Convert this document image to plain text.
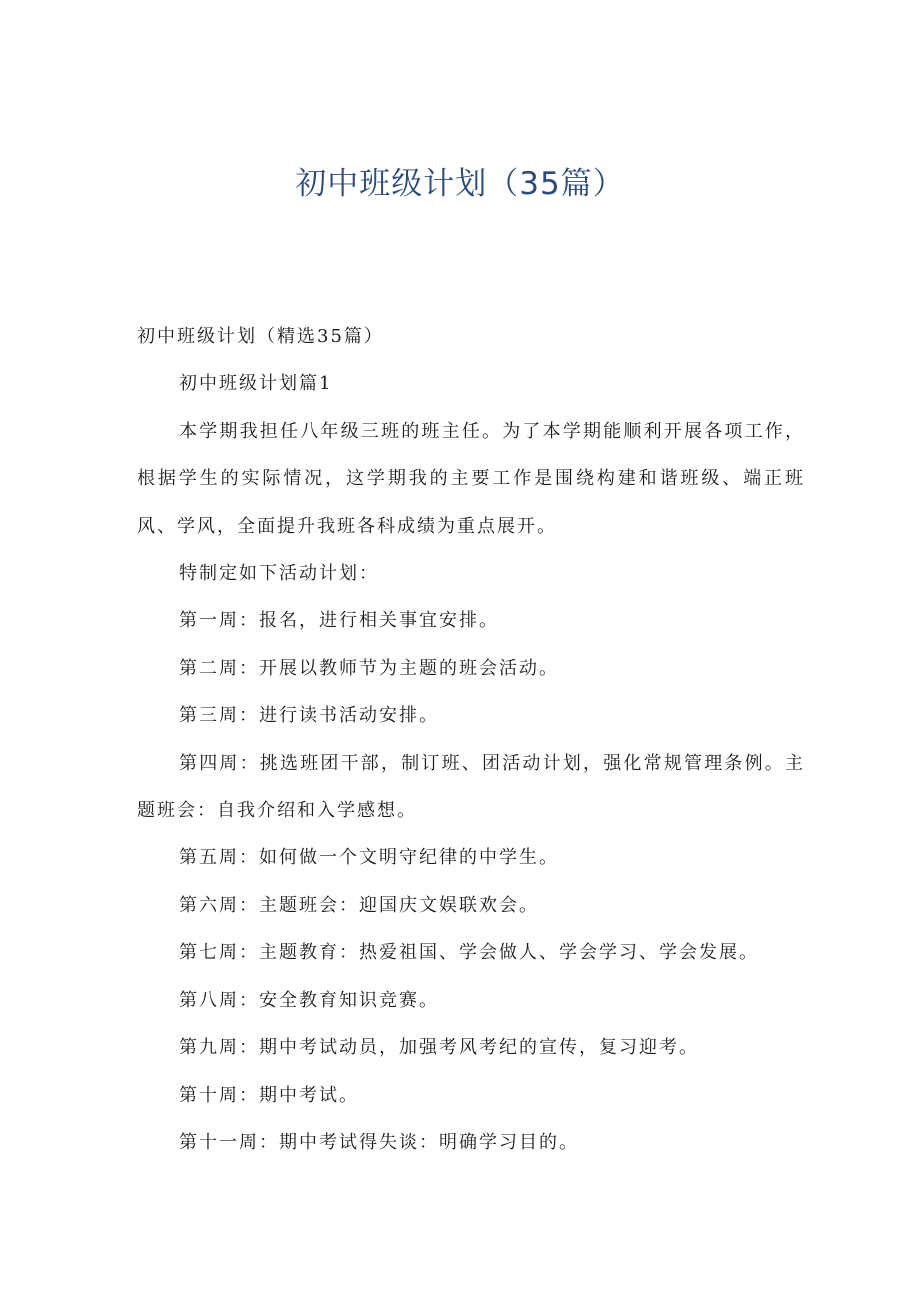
初中班级计划（35篇）

初中班级计划（精选35篇）

初中班级计划篇1

本学期我担任八年级三班的班主任。为了本学期能顺利开展各项工作，根据学生的实际情况，这学期我的主要工作是围绕构建和谐班级、端正班风、学风，全面提升我班各科成绩为重点展开。

特制定如下活动计划：

第一周：报名，进行相关事宜安排。

第二周：开展以教师节为主题的班会活动。

第三周：进行读书活动安排。

第四周：挑选班团干部，制订班、团活动计划，强化常规管理条例。主题班会：自我介绍和入学感想。

第五周：如何做一个文明守纪律的中学生。

第六周：主题班会：迎国庆文娱联欢会。

第七周：主题教育：热爱祖国、学会做人、学会学习、学会发展。

第八周：安全教育知识竞赛。

第九周：期中考试动员，加强考风考纪的宣传，复习迎考。

第十周：期中考试。

第十一周：期中考试得失谈：明确学习目的。
